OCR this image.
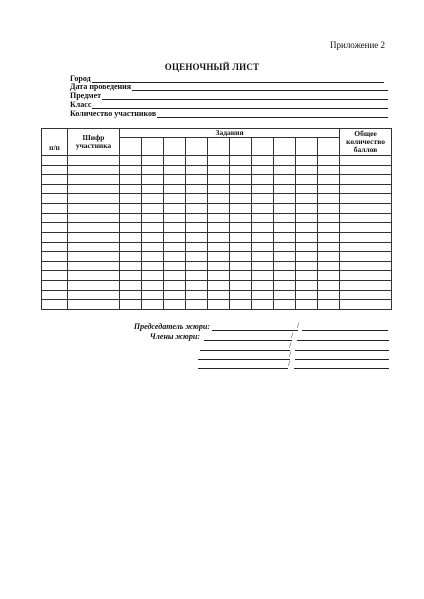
Приложение 2
ОЦЕНОЧНЫЙ ЛИСТ
Город
Дата проведения
Предмет
Класс
Количество участников
п/п	Шифр участника	Задания										Общее количество баллов

Председатель жюри:	/
Члены жюри:	/
/
/
/
